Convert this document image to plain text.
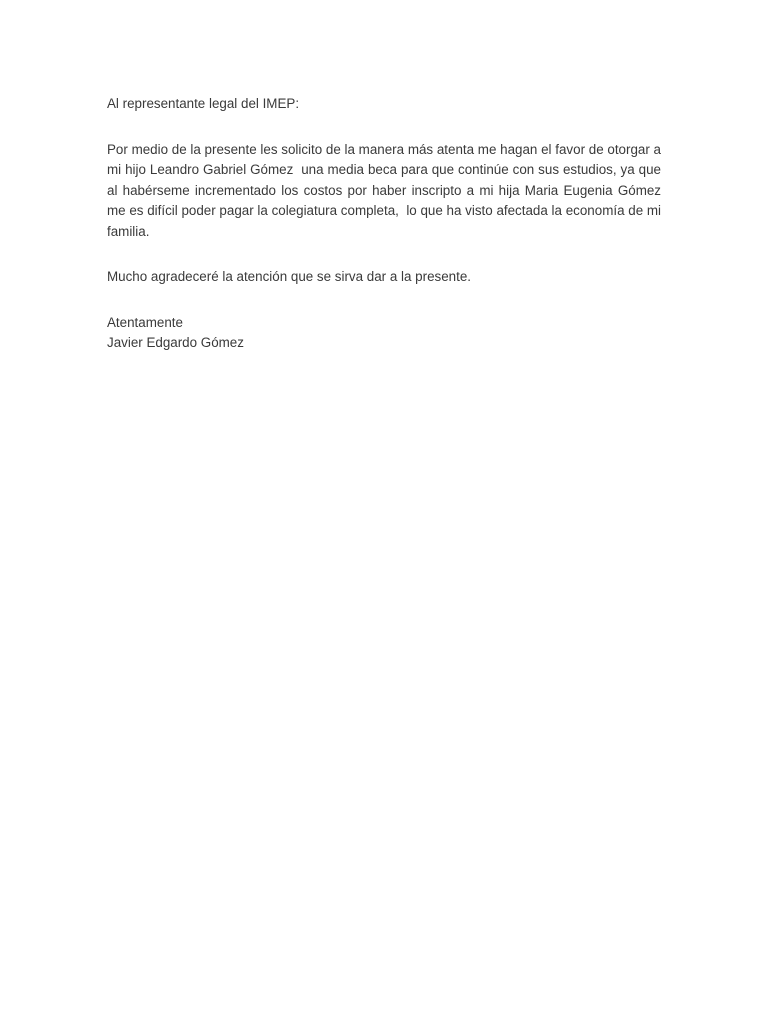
Al representante legal del IMEP:

Por medio de la presente les solicito de la manera más atenta me hagan el favor de otorgar a mi hijo Leandro Gabriel Gómez  una media beca para que continúe con sus estudios, ya que al habérseme incrementado los costos por haber inscripto a mi hija Maria Eugenia Gómez me es difícil poder pagar la colegiatura completa,  lo que ha visto afectada la economía de mi familia.

Mucho agradeceré la atención que se sirva dar a la presente.

Atentamente

Javier Edgardo Gómez
